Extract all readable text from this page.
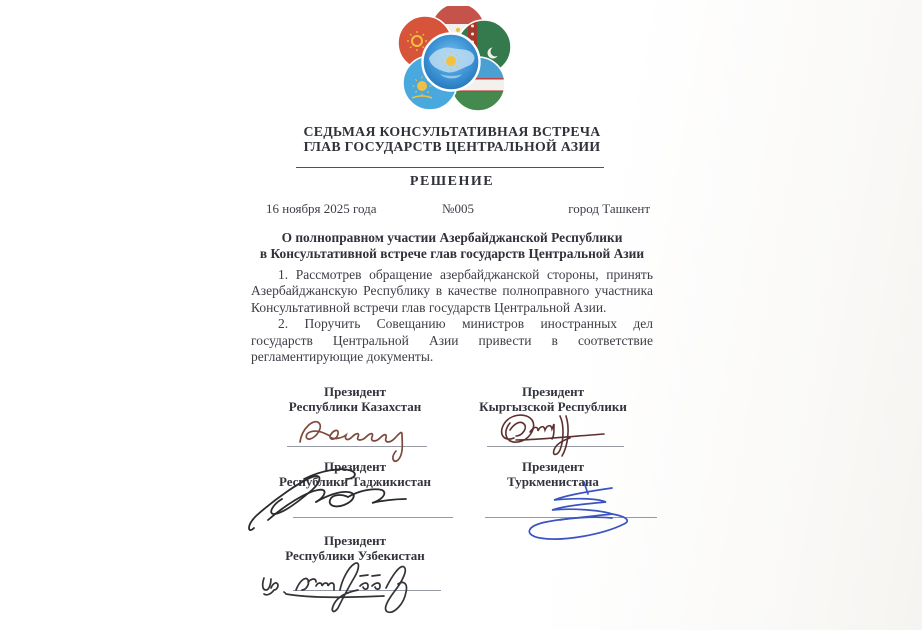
СЕДЬМАЯ КОНСУЛЬТАТИВНАЯ ВСТРЕЧА
ГЛАВ ГОСУДАРСТВ ЦЕНТРАЛЬНОЙ АЗИИ
РЕШЕНИЕ
16 ноября 2025 года	№005	город Ташкент
О полноправном участии Азербайджанской Республики
в Консультативной встрече глав государств Центральной Азии

1. Рассмотрев обращение азербайджанской стороны, принять Азербайджанскую Республику в качестве полноправного участника Консультативной встречи глав государств Центральной Азии.

2. Поручить Совещанию министров иностранных дел государств Центральной Азии привести в соответствие регламентирующие документы.

Президент
Республики Казахстан
Президент
Кыргызской Республики
Президент
Республики Таджикистан
Президент
Туркменистана
Президент
Республики Узбекистан
